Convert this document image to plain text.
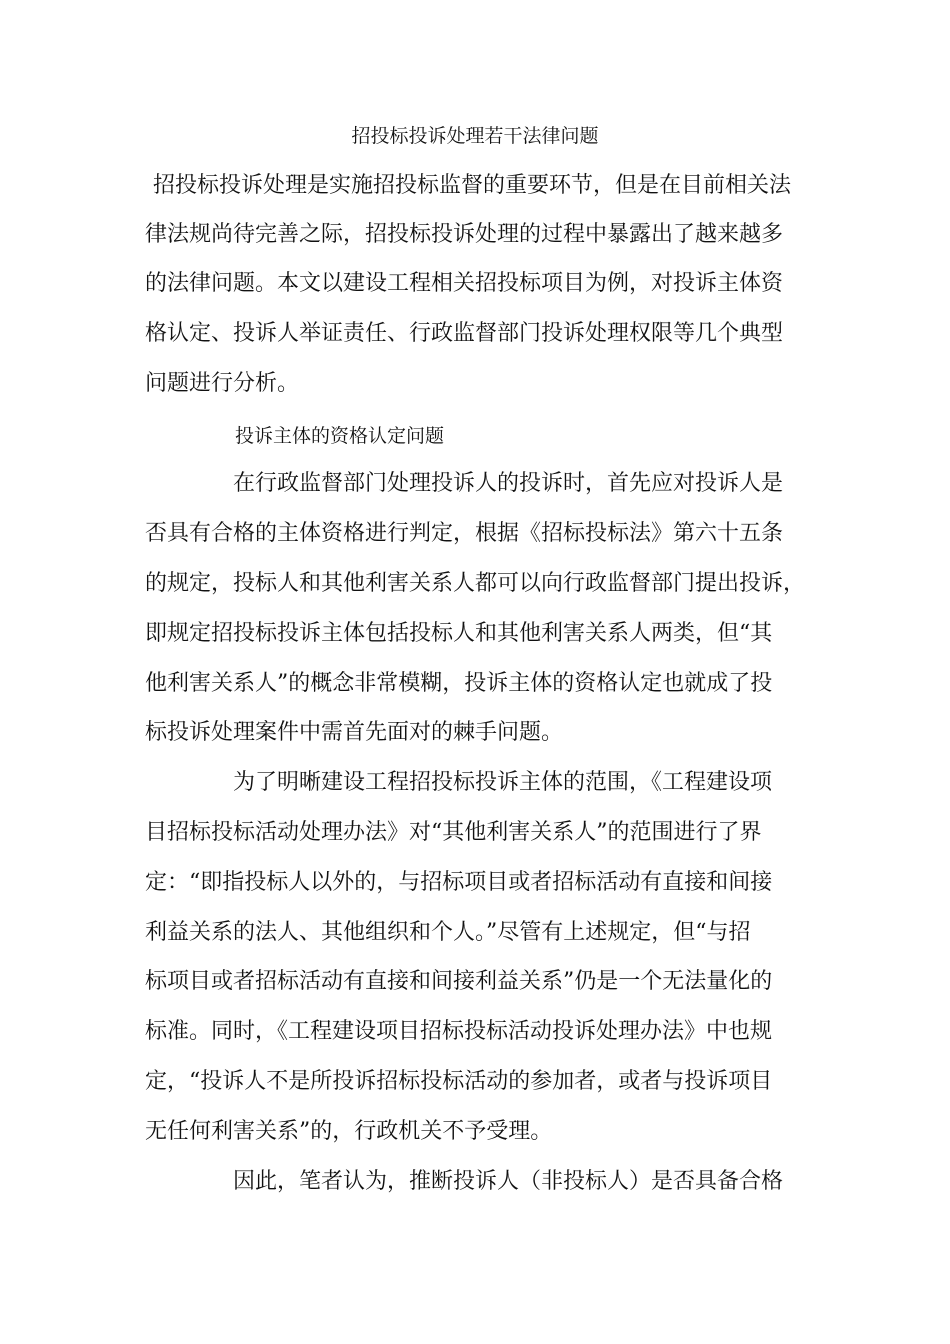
招投标投诉处理若干法律问题
招投标投诉处理是实施招投标监督的重要环节，但是在目前相关法
律法规尚待完善之际，招投标投诉处理的过程中暴露出了越来越多
的法律问题。本文以建设工程相关招投标项目为例，对投诉主体资
格认定、投诉人举证责任、行政监督部门投诉处理权限等几个典型
问题进行分析。
投诉主体的资格认定问题
在行政监督部门处理投诉人的投诉时，首先应对投诉人是
否具有合格的主体资格进行判定，根据《招标投标法》第六十五条
的规定，投标人和其他利害关系人都可以向行政监督部门提出投诉，
即规定招投标投诉主体包括投标人和其他利害关系人两类，但“其
他利害关系人”的概念非常模糊，投诉主体的资格认定也就成了投
标投诉处理案件中需首先面对的棘手问题。
为了明晰建设工程招投标投诉主体的范围，《工程建设项
目招标投标活动处理办法》对“其他利害关系人”的范围进行了界
定：“即指投标人以外的，与招标项目或者招标活动有直接和间接
利益关系的法人、其他组织和个人。”尽管有上述规定，但“与招
标项目或者招标活动有直接和间接利益关系”仍是一个无法量化的
标准。同时，《工程建设项目招标投标活动投诉处理办法》中也规
定，“投诉人不是所投诉招标投标活动的参加者，或者与投诉项目
无任何利害关系”的，行政机关不予受理。
因此，笔者认为，推断投诉人（非投标人）是否具备合格
